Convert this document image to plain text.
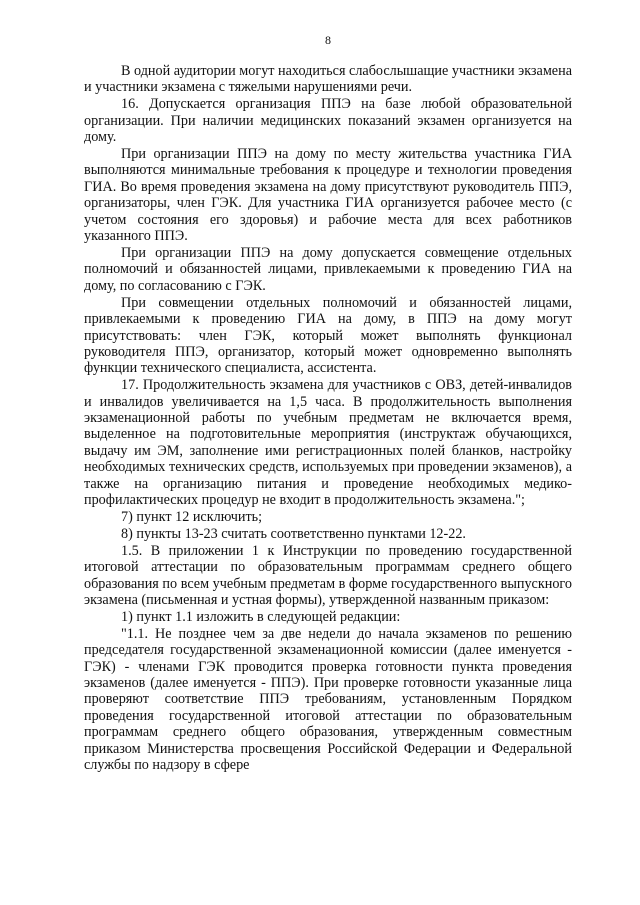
8

В одной аудитории могут находиться слабослышащие участники экзамена и участники экзамена с тяжелыми нарушениями речи.

16. Допускается организация ППЭ на базе любой образовательной организации. При наличии медицинских показаний экзамен организуется на дому.

При организации ППЭ на дому по месту жительства участника ГИА выполняются минимальные требования к процедуре и технологии проведения ГИА. Во время проведения экзамена на дому присутствуют руководитель ППЭ, организаторы, член ГЭК. Для участника ГИА организуется рабочее место (с учетом состояния его здоровья) и рабочие места для всех работников указанного ППЭ.

При организации ППЭ на дому допускается совмещение отдельных полномочий и обязанностей лицами, привлекаемыми к проведению ГИА на дому, по согласованию с ГЭК.

При совмещении отдельных полномочий и обязанностей лицами, привлекаемыми к проведению ГИА на дому, в ППЭ на дому могут присутствовать: член ГЭК, который может выполнять функционал руководителя ППЭ, организатор, который может одновременно выполнять функции технического специалиста, ассистента.

17. Продолжительность экзамена для участников с ОВЗ, детей-инвалидов и инвалидов увеличивается на 1,5 часа. В продолжительность выполнения экзаменационной работы по учебным предметам не включается время, выделенное на подготовительные мероприятия (инструктаж обучающихся, выдачу им ЭМ, заполнение ими регистрационных полей бланков, настройку необходимых технических средств, используемых при проведении экзаменов), а также на организацию питания и проведение необходимых медико-профилактических процедур не входит в продолжительность экзамена.";

7) пункт 12 исключить;

8) пункты 13-23 считать соответственно пунктами 12-22.

1.5. В приложении 1 к Инструкции по проведению государственной итоговой аттестации по образовательным программам среднего общего образования по всем учебным предметам в форме государственного выпускного экзамена (письменная и устная формы), утвержденной названным приказом:

1) пункт 1.1 изложить в следующей редакции:

"1.1. Не позднее чем за две недели до начала экзаменов по решению председателя государственной экзаменационной комиссии (далее именуется - ГЭК) - членами ГЭК проводится проверка готовности пункта проведения экзаменов (далее именуется - ППЭ). При проверке готовности указанные лица проверяют соответствие ППЭ требованиям, установленным Порядком проведения государственной итоговой аттестации по образовательным программам среднего общего образования, утвержденным совместным приказом Министерства просвещения Российской Федерации и Федеральной службы по надзору в сфере
